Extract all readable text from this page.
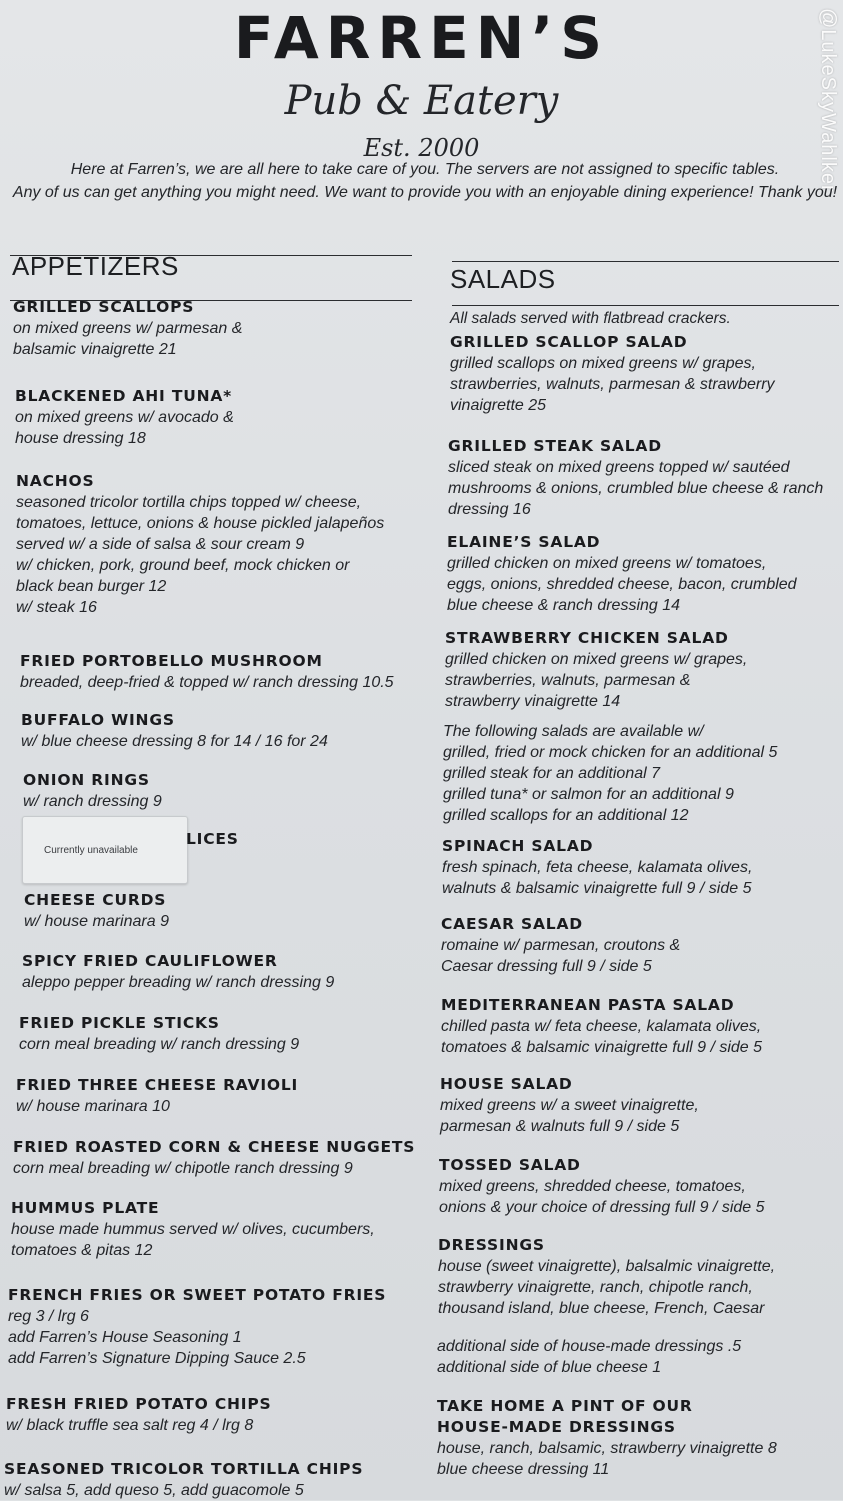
FARREN’S
Pub & Eatery
Est. 2000	@LukeSkyWahlker
Here at Farren’s, we are all here to take care of you. The servers are not assigned to specific tables.
Any of us can get anything you might need. We want to provide you with an enjoyable dining experience! Thank you!
APPETIZERS
GRILLED SCALLOPS
on mixed greens w/ parmesan &
balsamic vinaigrette 21
BLACKENED AHI TUNA*
on mixed greens w/ avocado &
house dressing 18
NACHOS
seasoned tricolor tortilla chips topped w/ cheese,
tomatoes, lettuce, onions & house pickled jalapeños
served w/ a side of salsa & sour cream 9
w/ chicken, pork, ground beef, mock chicken or
black bean burger 12
w/ steak 16
FRIED PORTOBELLO MUSHROOM
breaded, deep-fried & topped w/ ranch dressing 10.5
BUFFALO WINGS
w/ blue cheese dressing 8 for 14 / 16 for 24
ONION RINGS
w/ ranch dressing 9
Currently unavailable
LICES
CHEESE CURDS
w/ house marinara 9
SPICY FRIED CAULIFLOWER
aleppo pepper breading w/ ranch dressing 9
FRIED PICKLE STICKS
corn meal breading w/ ranch dressing 9
FRIED THREE CHEESE RAVIOLI
w/ house marinara 10
FRIED ROASTED CORN & CHEESE NUGGETS
corn meal breading w/ chipotle ranch dressing 9
HUMMUS PLATE
house made hummus served w/ olives, cucumbers,
tomatoes & pitas 12
FRENCH FRIES OR SWEET POTATO FRIES
reg 3 / lrg 6
add Farren’s House Seasoning 1
add Farren’s Signature Dipping Sauce 2.5
FRESH FRIED POTATO CHIPS
w/ black truffle sea salt reg 4 / lrg 8
SEASONED TRICOLOR TORTILLA CHIPS
w/ salsa 5, add queso 5, add guacomole 5
SALADS
All salads served with flatbread crackers.
GRILLED SCALLOP SALAD
grilled scallops on mixed greens w/ grapes,
strawberries, walnuts, parmesan & strawberry
vinaigrette 25
GRILLED STEAK SALAD
sliced steak on mixed greens topped w/ sautéed
mushrooms & onions, crumbled blue cheese & ranch
dressing 16
ELAINE’S SALAD
grilled chicken on mixed greens w/ tomatoes,
eggs, onions, shredded cheese, bacon, crumbled
blue cheese & ranch dressing 14
STRAWBERRY CHICKEN SALAD
grilled chicken on mixed greens w/ grapes,
strawberries, walnuts, parmesan &
strawberry vinaigrette 14
The following salads are available w/
grilled, fried or mock chicken for an additional 5
grilled steak for an additional 7
grilled tuna* or salmon for an additional 9
grilled scallops for an additional 12
SPINACH SALAD
fresh spinach, feta cheese, kalamata olives,
walnuts & balsamic vinaigrette full 9 / side 5
CAESAR SALAD
romaine w/ parmesan, croutons &
Caesar dressing full 9 / side 5
MEDITERRANEAN PASTA SALAD
chilled pasta w/ feta cheese, kalamata olives,
tomatoes & balsamic vinaigrette full 9 / side 5
HOUSE SALAD
mixed greens w/ a sweet vinaigrette,
parmesan & walnuts full 9 / side 5
TOSSED SALAD
mixed greens, shredded cheese, tomatoes,
onions & your choice of dressing full 9 / side 5
DRESSINGS
house (sweet vinaigrette), balsalmic vinaigrette,
strawberry vinaigrette, ranch, chipotle ranch,
thousand island, blue cheese, French, Caesar
additional side of house-made dressings .5
additional side of blue cheese 1
TAKE HOME A PINT OF OUR
HOUSE-MADE DRESSINGS
house, ranch, balsamic, strawberry vinaigrette 8
blue cheese dressing 11
